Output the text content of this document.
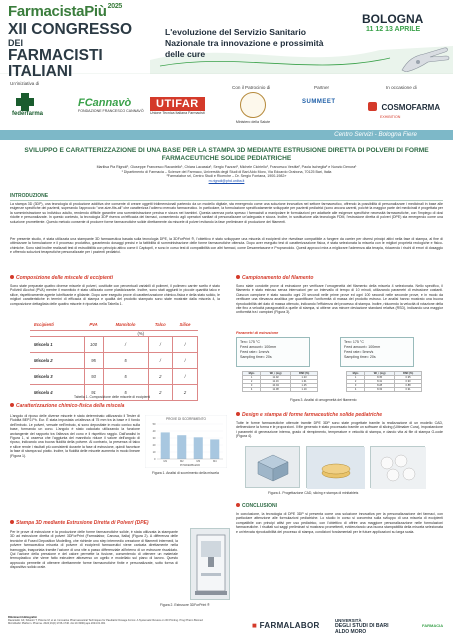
FarmacistaPiù2025
XII CONGRESSO
DEI
FARMACISTI
ITALIANI
L'evoluzione del Servizio Sanitario Nazionale tra innovazione e prossimità delle cure
BOLOGNA
11 12 13 APRILE
Un'iniziativa di
federfarma
FCannavò
FONDAZIONE FRANCESCO CANNAVÒ
UTIFAR
Unione Tecnica Italiana Farmacisti
Con il Patrocinio di
Ministero della Salute
Partner
SUMMEET
In occasione di
COSMOFARMA
EXHIBITION
Centro Servizi - Bologna Fiere
SVILUPPO E CARATTERIZZAZIONE DI UNA BASE PER LA STAMPA 3D MEDIANTE ESTRUSIONE DIRETTA DI POLVERI DI FORME FARMACEUTICHE SOLIDE PEDIATRICHE
Marilisa Pia Rignoli¹, Giuseppe Francesco Racaniello¹, Chiara Lacassia¹, Sergio Fazzari¹, Michele Ciciriello¹, Francesco Vestita², Paola Ischeglia² e Nunzio Denora¹
¹ Dipartimento di Farmacia – Scienze del Farmaco, Università degli Studi di Bari Aldo Moro, Via Edoardo Orabona, 70125 Bari, Italia
²Farmalabor srl, Centro Studi e Ricerche – Dr. Sergio Fontana, 1900-1982»
m.rignoli@phd.uniba.it
INTRODUZIONE
La stampa 3D (3DP), una tecnologia di produzione additiva che consente di creare oggetti tridimensionali partendo da un modello digitale, sta emergendo come una soluzione innovativa nel settore farmaceutico, offrendo la possibilità di personalizzare i medicinali in base alle esigenze specifiche dei pazienti, superando l'approccio "one-size-fits-all" che caratterizza l'odierno mercato farmaceutico. In particolare, la formulazione specificatamente sviluppate per pazienti pediatrici (sono ancora carenti, poiché la maggior parte dei medicinali è progettata per la somministrazione su individuo adulto, rendendo difficile garantire una somministrazione precisa e sicura nei bambini. Questa carenza porta spesso i farmacisti a manipolare le formulazioni per adattarle alle esigenze specifiche necessità farmaceutiche, con l'impiego di dosi ridotte e personalizzate. In questo contesto, la tecnologia 3DP riserva un'efficacia dei farmaci, consentendo agli operatori sanitari di personalizzare un'adeguata e sicura. Inoltre, in sostituzione alla tecnologia FDM, l'estrusione diretta di polveri (DPE) sta emergendo come una soluzione promettente. Questo metodo consente di produrre forme farmaceutiche solide direttamente da miscele di polveri evitando la fase preliminare di produzione dei filamenti.
Per presente studio, è stata utilizzata una stampante 3D farmaceutica basata sulla tecnologia DPE, la 3DForPrint ®, l'obiettivo è stato sviluppare una miscela di eccipienti che rivestisse compatibile a fungere da carrier per diversi principi attivi nella fase di stampa, al fine di ottimizzare la formulazione e il processo produttivo, garantendo dosaggi precisi e la fattibilità di somministrazione delle forme farmaceutiche ottenuta. Dopo aver eseguito test di caratterizzazione fisica, è stata selezionata la miscela con le migliori proprietà reologiche e fisico-chimiche. Sono stati inoltre realizzati test di estrudibilità con principio attivo come il Captopril, e sono in corso test di compatibilità con altri farmaci, come Desametasone e Propranololo. Questi approcci mira a migliorare l'aderenza alla terapia, riducendo i rischi di errori di dosaggio e offrendo soluzioni terapeutiche personalizzate per i pazienti pediatrici.
Composizione delle miscele di eccipienti
Sono state preparate quattro diverse miscele di polveri, costituite con percentuali variabili di polimeri, il polimero carrier scelto è stato Polivinil Alcohol (PVA) mentre il mannitolo è stato utilizzato come plasticizzante. Inoltre, sono stati aggiunti in piccole quantità talco e silice, rispettivamente agente lubrificante e glidante. Dopo aver eseguito prove di caratterizzazione chimico-fisica e della stato solido, le migliori caratteristiche in termini di efficacia di stampa e qualità del prodotto stampato sono state mostrate dalla miscela 4, la composizione dettagliata delle quattro miscele è riportata nella Tabella 1.
Eccipienti	PVA	Mannitolo	Talco	Silice
	(%)			
Miscela 1	100	/	/	/
Miscela 2	95	5	/	/
Miscela 3	93	5	2	/
Miscela 4	91	5	2	2
Tabella 1. Composizione delle miscele di eccipienti
Caratterizzazione chimico-fisica della miscela
L'angolo di riposo delle diverse miscele è stato determinato utilizzando il Tester di Fluidità BEP2.Ph. Eur. È stata impostata un'altezza di 75 mm tra la base e il fondo dell'imbuto. Le polveri, versate nell'imbuto, si sono depositate in modo conico sulla base, formando un cono. L'angolo è stato calcolato utilizzando la funzione arctangente del rapporto tra l'altezza del cono e il rispettivo raggio. Dall'analisi in Figura 1, si osserva che l'aggiunta del mannitolo riduce il valore dell'angolo di riposo, indicando una buona fluidità della polvere. Al contrario, la presenza di talco e silice rende i risultati più consistenti durante la fase di estrusione, quindi favorisce la fase di stampa sul piatto. Inoltre, la fluidità delle miscele aumenta in modo lineare (Figura 1).
PROVE DI SCORRIMENTO
50
40
30
20
10
0
M1	M2	M3	M4
POWDERBLEND
Figura 1. Analisi di scorrimento della miscela
Stampa 3D mediante Estrusione Diretta di Polveri (DPE)
Per le prove di estrusione e la produzione delle forme farmaceutiche solide, è stata utilizzata la stampante 3D ad estrusione diretta di polveri 3DForPrint (Farmalabor, Canosa, Italia) (Figura 2). A differenza delle tecniche di Fused Deposition Modelling, che richiede uno step intermedio creazione di filamenti intermedi, la polvere farmaceutica miscela di polvere di eccipienti farmaceutici viene caricata direttamente nella tramoggia, trasportata tramite l'azione di una vite a passo differenziale all'interno di un estrusore riscaldato. Qui l'azione della pressione e del calore permette la fusione, consentendo di ottenere un materiale termoplastico che viene fatto estrudere attraverso un ugello e modellato sul piano di lavoro. Questo approccio permette di ottenere direttamente forme farmaceutiche finite e personalizzate, sotto forma di dispositivo solido orale.
Figura 2. Estrusore 3DForPrint ®
Campionamento del filamento
Sono state condotte prove di estrusione per verificare l'omogeneità del filamento della miscela 4 selezionata. Nello specifico, il filamento è stato estruso senza interruzioni per un intervallo di tempo di 10 minuti, utilizzando parametri di estrusione costanti. Ciascun campione è stato raccolto ogni 20 secondi nelle prime prove ed ogni 100 secondi nelle seconde prove, e in modo da verificare una rilevanza analitica per quantificare l'uniformità di massa del prodotto estruso. Le analisi hanno mostrato una buona riproducibilità del dato di massa ottenuto, indicando l'efficienza del processo di stampa. Inoltre, riducendo la velocità di rotazione della vite fino a velocità paragonabili a quelle di stampa, si ottiene una minore deviazione standard relativa (RSD), indicando una maggior uniformità tra i campioni (Figura 3).
Parametri di estrusione
Ten= 175 °C
Feed amount= 100mm
Feed rate= 1mm/s
Sampling time= 20s
Ten= 175 °C
Feed amount= 100mm
Feed rate= 5mm/s
Sampling time= 20s
Mg/s	Wt_i (mg)	RSD (%)
1	11.02	1.23
2	11.16	1.31
3	10.94	1.25
4	11.08	1.19
Mg/s	Wt_i (mg)	RSD (%)
1	8.35	0.95
2	8.41	0.90
3	8.28	0.88
4	8.33	0.91
Figura 3. Analisi di omogeneità del filamento
Design e stampa di forme farmaceutiche solide pediatriche
Tutte le forme farmaceutiche ottenute tramite DPE 3DP sono state progettate tramite la realizzazione di un modello CAD, definendone la forma e le proporzioni. Il file generato è stato processato tramite un software di slicing (Ultimaker Cura), impostandone i parametri di generazione interna, grado di riempimento, temperature e velocità di stampa, e dando vita al file di stampa G-code (Figura 4).
Figura 4. Progettazione CAD, slicing e stampa di minitablets
CONCLUSIONI
In conclusione, la tecnologia di DPE 3DP si presenta come una soluzione innovativa per la personalizzazione dei farmaci, con particolare attenzione alle formulazioni pediatriche. Lo studio in corso si concentra sulla sviluppo di una miscela di eccipienti compatibile con principi attivi per uso pediatrico, con l'obiettivo di offrire una maggiore personalizzazione nelle formulazioni farmaceutiche. I risultati sui saggi preliminari si mostrano promettenti, evidenziando una buona stampabilità della miscela selezionata e un'elevata riproducibilità del processo di stampa, condizioni fondamentali per le future applicazioni su larga scala.
Riferimenti bibliografici
Racaniello GF, Silvestri T, Pistone M, et al. Innovative Pharmaceutical Techniques for Paediatric Dosage Forms: A Systematic Review on 3D Printing. Prog Pharm Biomed Microfluidic Platform. Pharma. 2024;16(2):1726-1746. doi:10.3390/j.aps.2024.01.001	■ FARMALABOR
UNIVERSITÀ
DEGLI STUDI DI BARI
ALDO MORO
FARMACIA
